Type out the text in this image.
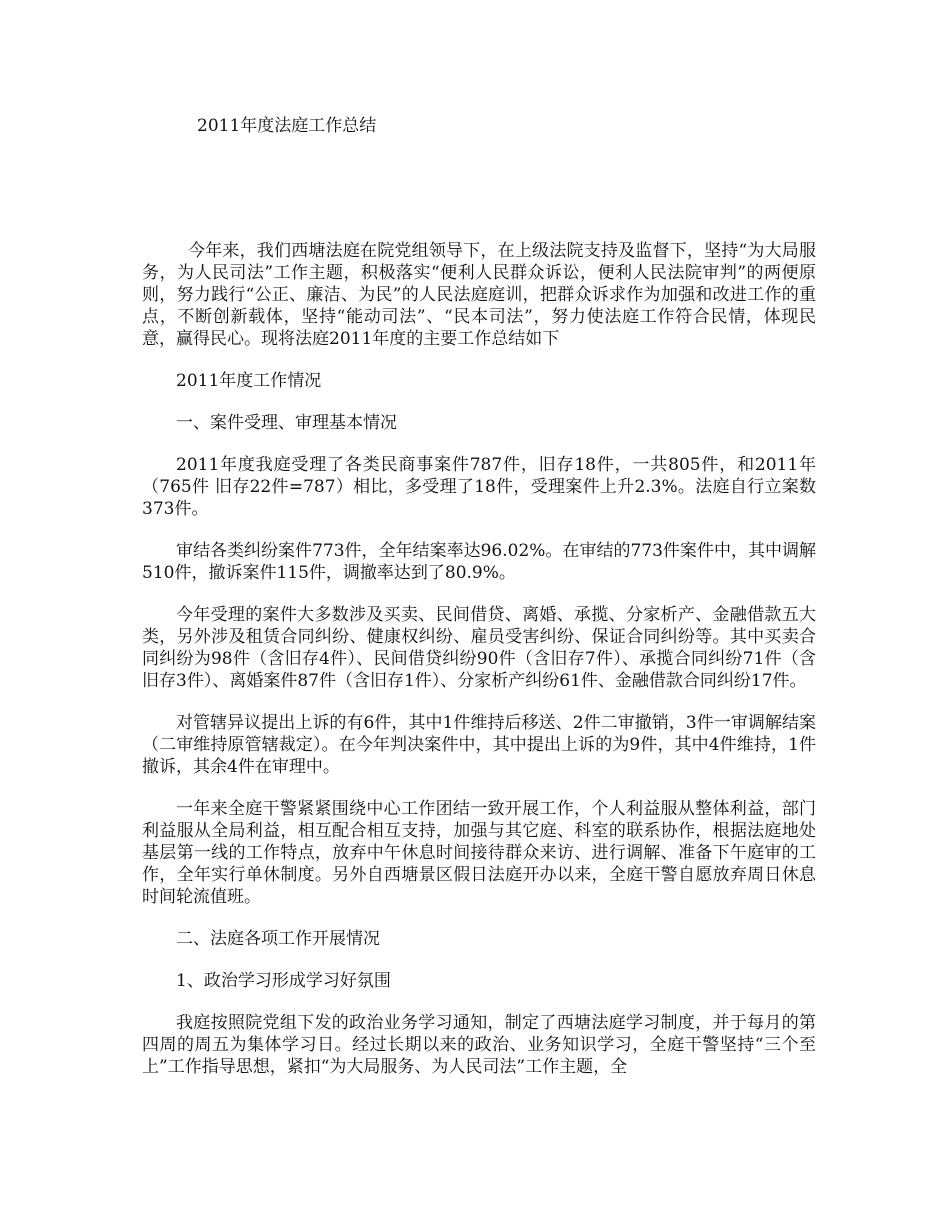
2011年度法庭工作总结

今年来，我们西塘法庭在院党组领导下，在上级法院支持及监督下，坚持“为大局服务，为人民司法”工作主题，积极落实“便利人民群众诉讼，便利人民法院审判”的两便原则，努力践行“公正、廉洁、为民”的人民法庭庭训，把群众诉求作为加强和改进工作的重点，不断创新载体，坚持“能动司法”、“民本司法”，努力使法庭工作符合民情，体现民意，赢得民心。现将法庭2011年度的主要工作总结如下

2011年度工作情况

一、案件受理、审理基本情况

2011年度我庭受理了各类民商事案件787件，旧存18件，一共805件，和2011年（765件 旧存22件=787）相比，多受理了18件，受理案件上升2.3%。法庭自行立案数373件。

审结各类纠纷案件773件，全年结案率达96.02%。在审结的773件案件中，其中调解510件，撤诉案件115件，调撤率达到了80.9%。

今年受理的案件大多数涉及买卖、民间借贷、离婚、承揽、分家析产、金融借款五大类，另外涉及租赁合同纠纷、健康权纠纷、雇员受害纠纷、保证合同纠纷等。其中买卖合同纠纷为98件（含旧存4件）、民间借贷纠纷90件（含旧存7件）、承揽合同纠纷71件（含旧存3件）、离婚案件87件（含旧存1件）、分家析产纠纷61件、金融借款合同纠纷17件。

对管辖异议提出上诉的有6件，其中1件维持后移送、2件二审撤销，3件一审调解结案（二审维持原管辖裁定）。在今年判决案件中，其中提出上诉的为9件，其中4件维持，1件撤诉，其余4件在审理中。

一年来全庭干警紧紧围绕中心工作团结一致开展工作，个人利益服从整体利益，部门利益服从全局利益，相互配合相互支持，加强与其它庭、科室的联系协作，根据法庭地处基层第一线的工作特点，放弃中午休息时间接待群众来访、进行调解、准备下午庭审的工作，全年实行单休制度。另外自西塘景区假日法庭开办以来，全庭干警自愿放弃周日休息时间轮流值班。

二、法庭各项工作开展情况

1、政治学习形成学习好氛围

我庭按照院党组下发的政治业务学习通知，制定了西塘法庭学习制度，并于每月的第四周的周五为集体学习日。经过长期以来的政治、业务知识学习，全庭干警坚持“三个至上”工作指导思想，紧扣“为大局服务、为人民司法”工作主题，全
